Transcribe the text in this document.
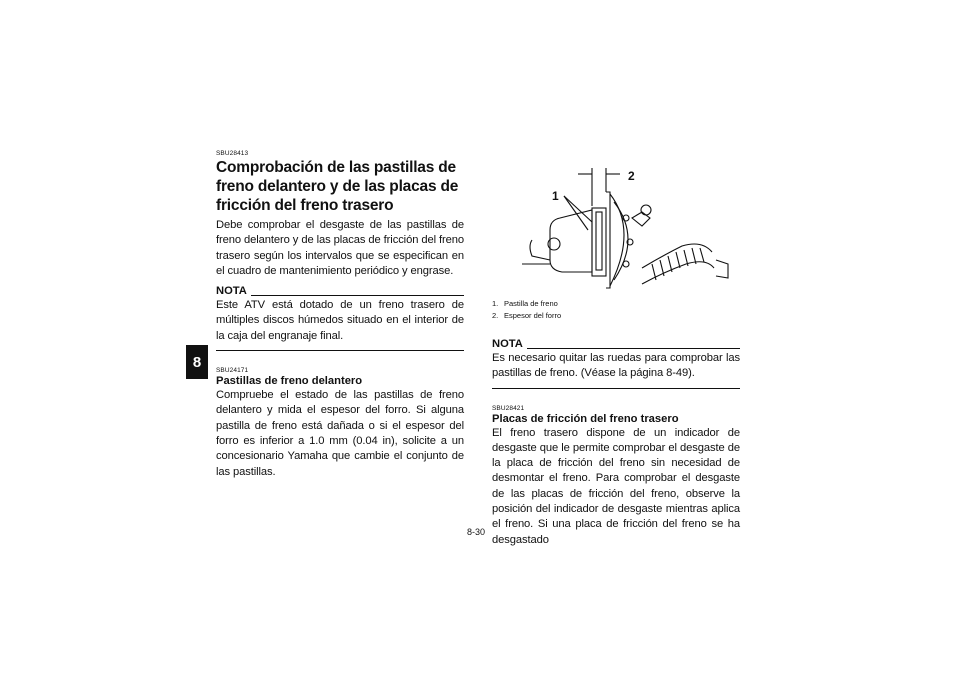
8
SBU28413
Comprobación de las pastillas de freno delantero y de las placas de fricción del freno trasero

Debe comprobar el desgaste de las pastillas de freno delantero y de las placas de fricción del freno trasero según los intervalos que se especifican en el cuadro de mantenimiento periódico y engrase.

NOTA

Este ATV está dotado de un freno trasero de múltiples discos húmedos situado en el interior de la caja del engranaje final.

SBU24171
Pastillas de freno delantero

Compruebe el estado de las pastillas de freno delantero y mida el espesor del forro. Si alguna pastilla de freno está dañada o si el espesor del forro es inferior a 1.0 mm (0.04 in), solicite a un concesionario Yamaha que cambie el conjunto de las pastillas.

1
2
1. Pastilla de freno
2. Espesor del forro
NOTA

Es necesario quitar las ruedas para comprobar las pastillas de freno. (Véase la página 8-49).

SBU28421
Placas de fricción del freno trasero

El freno trasero dispone de un indicador de desgaste que le permite comprobar el desgaste de la placa de fricción del freno sin necesidad de desmontar el freno. Para comprobar el desgaste de las placas de fricción del freno, observe la posición del indicador de desgaste mientras aplica el freno. Si una placa de fricción del freno se ha desgastado

8-30
